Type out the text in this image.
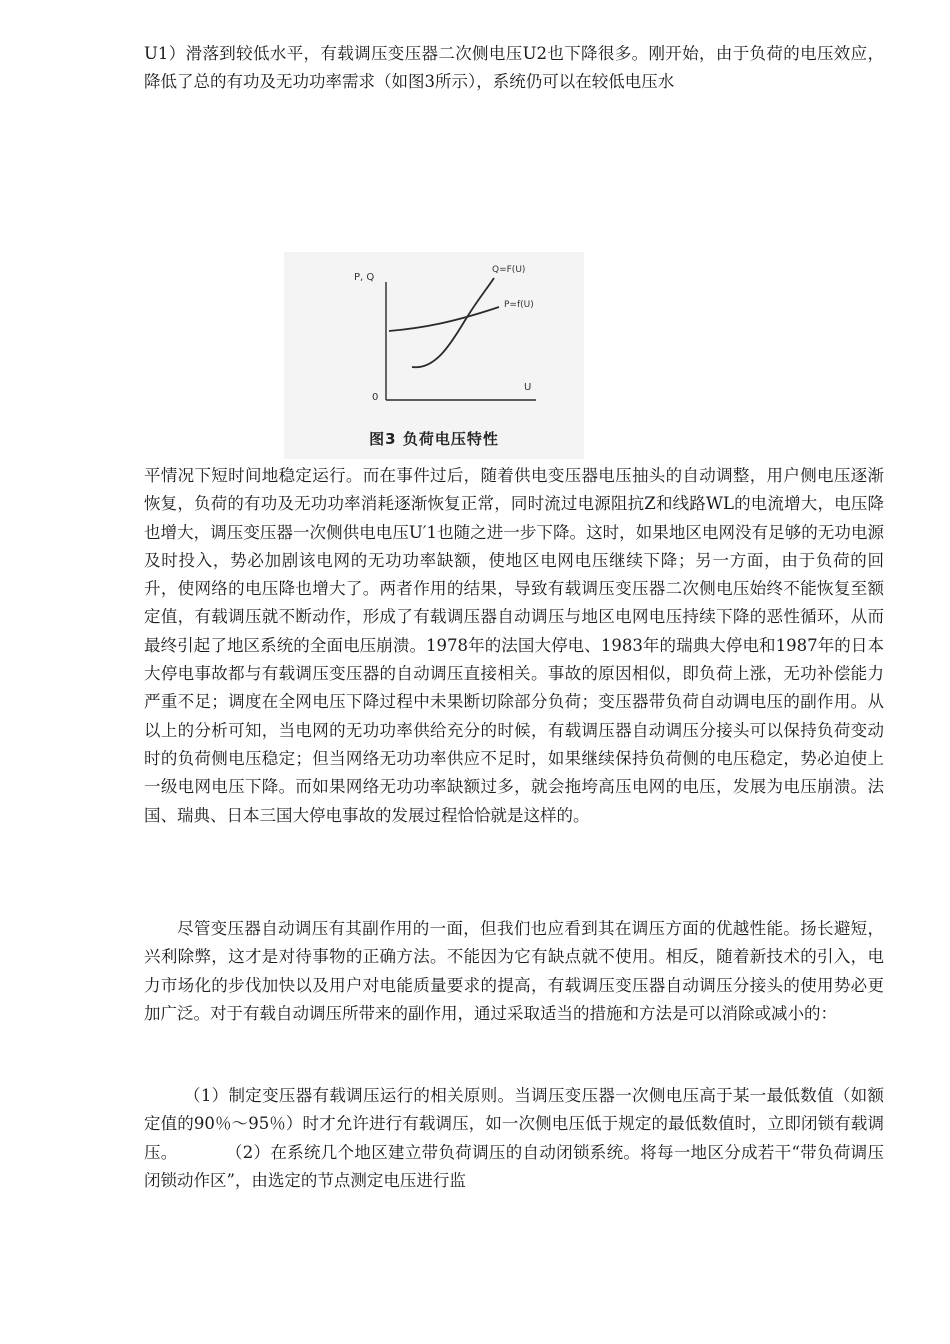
U1）滑落到较低水平，有载调压变压器二次侧电压U2也下降很多。刚开始，由于负荷的电压效应，降低了总的有功及无功功率需求（如图3所示），系统仍可以在较低电压水

P, Q
Q=F(U)
P=f(U)
U
0
图3 负荷电压特性

平情况下短时间地稳定运行。而在事件过后，随着供电变压器电压抽头的自动调整，用户侧电压逐渐恢复，负荷的有功及无功功率消耗逐渐恢复正常，同时流过电源阻抗Z和线路WL的电流增大，电压降也增大，调压变压器一次侧供电电压U′1也随之进一步下降。这时，如果地区电网没有足够的无功电源及时投入，势必加剧该电网的无功功率缺额，使地区电网电压继续下降；另一方面，由于负荷的回升，使网络的电压降也增大了。两者作用的结果，导致有载调压变压器二次侧电压始终不能恢复至额定值，有载调压就不断动作，形成了有载调压器自动调压与地区电网电压持续下降的恶性循环，从而最终引起了地区系统的全面电压崩溃。1978年的法国大停电、1983年的瑞典大停电和1987年的日本大停电事故都与有载调压变压器的自动调压直接相关。事故的原因相似，即负荷上涨，无功补偿能力严重不足；调度在全网电压下降过程中未果断切除部分负荷；变压器带负荷自动调电压的副作用。从以上的分析可知，当电网的无功功率供给充分的时候，有载调压器自动调压分接头可以保持负荷变动时的负荷侧电压稳定；但当网络无功功率供应不足时，如果继续保持负荷侧的电压稳定，势必迫使上一级电网电压下降。而如果网络无功功率缺额过多，就会拖垮高压电网的电压，发展为电压崩溃。法国、瑞典、日本三国大停电事故的发展过程恰恰就是这样的。

尽管变压器自动调压有其副作用的一面，但我们也应看到其在调压方面的优越性能。扬长避短，兴利除弊，这才是对待事物的正确方法。不能因为它有缺点就不使用。相反，随着新技术的引入，电力市场化的步伐加快以及用户对电能质量要求的提高，有载调压变压器自动调压分接头的使用势必更加广泛。对于有载自动调压所带来的副作用，通过采取适当的措施和方法是可以消除或减小的：

（1）制定变压器有载调压运行的相关原则。当调压变压器一次侧电压高于某一最低数值（如额定值的90％～95％）时才允许进行有载调压，如一次侧电压低于规定的最低数值时，立即闭锁有载调压。	（2）在系统几个地区建立带负荷调压的自动闭锁系统。将每一地区分成若干“带负荷调压闭锁动作区”，由选定的节点测定电压进行监
